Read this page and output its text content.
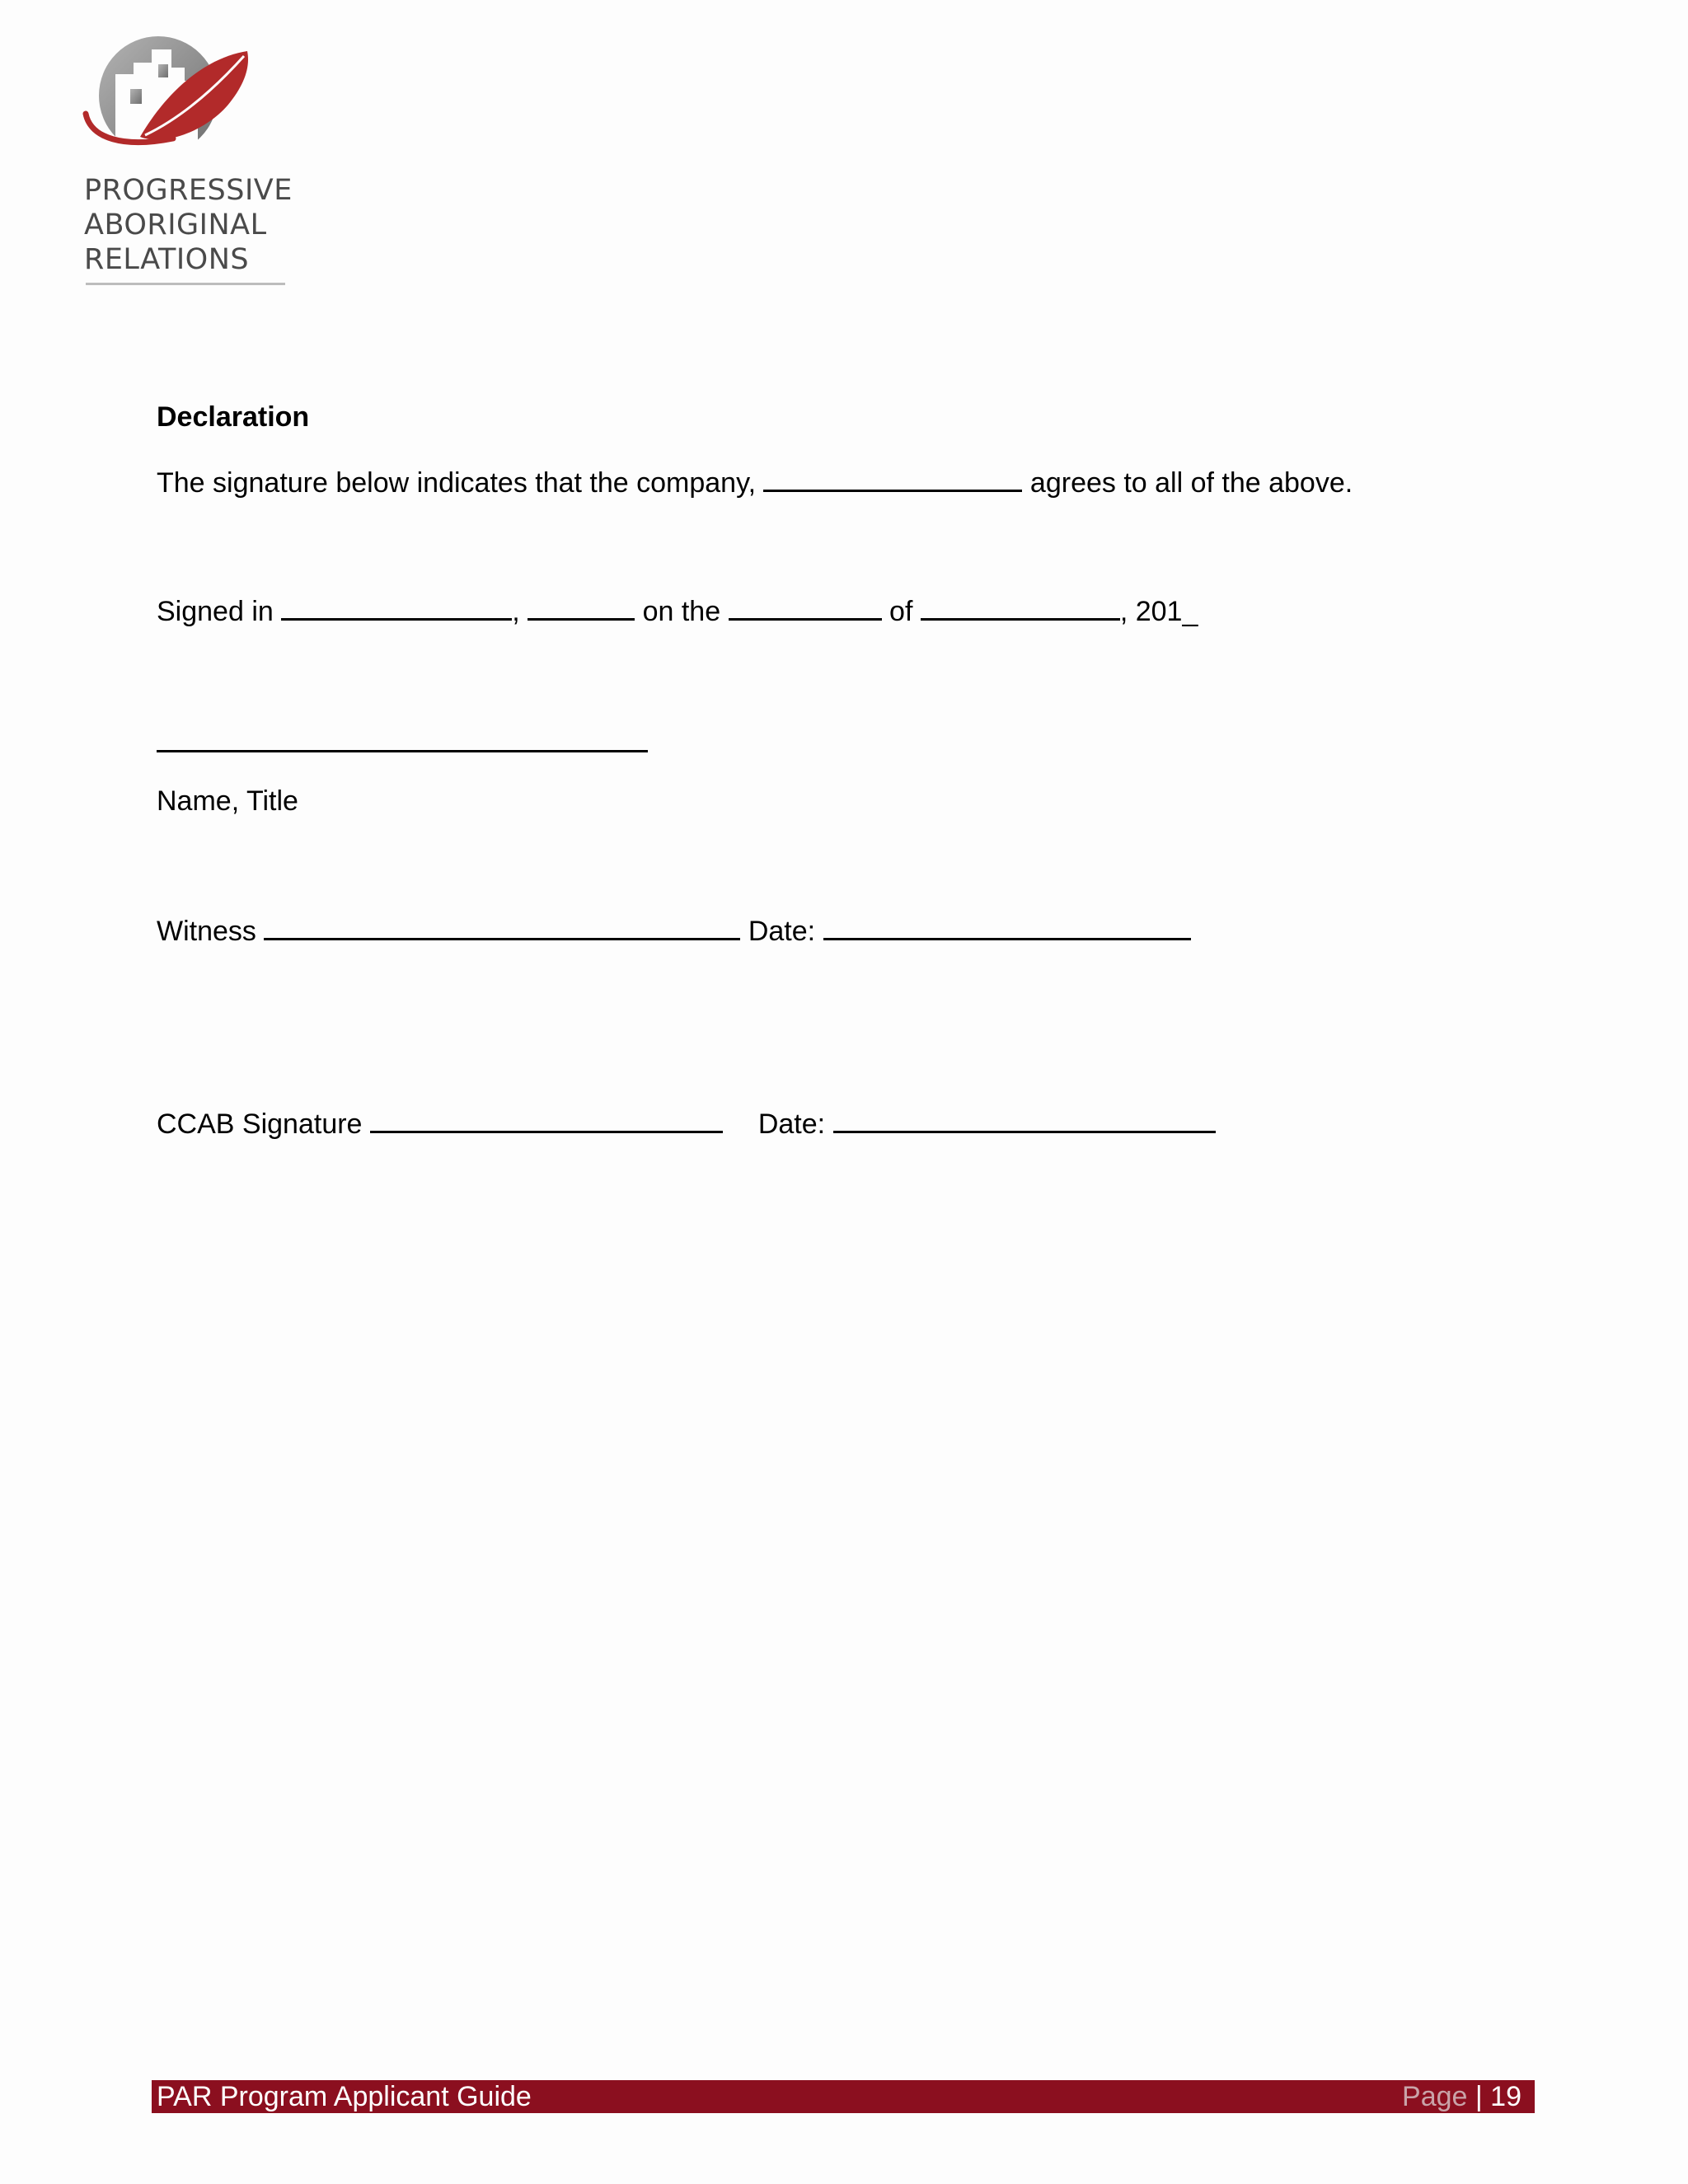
PROGRESSIVE
ABORIGINAL
RELATIONS
Declaration
The signature below indicates that the company,	agrees to all of the above.
Signed in	,	on the	of	, 201_
Name, Title
Witness	Date:
CCAB Signature	Date:
PAR Program Applicant Guide	Page | 19
